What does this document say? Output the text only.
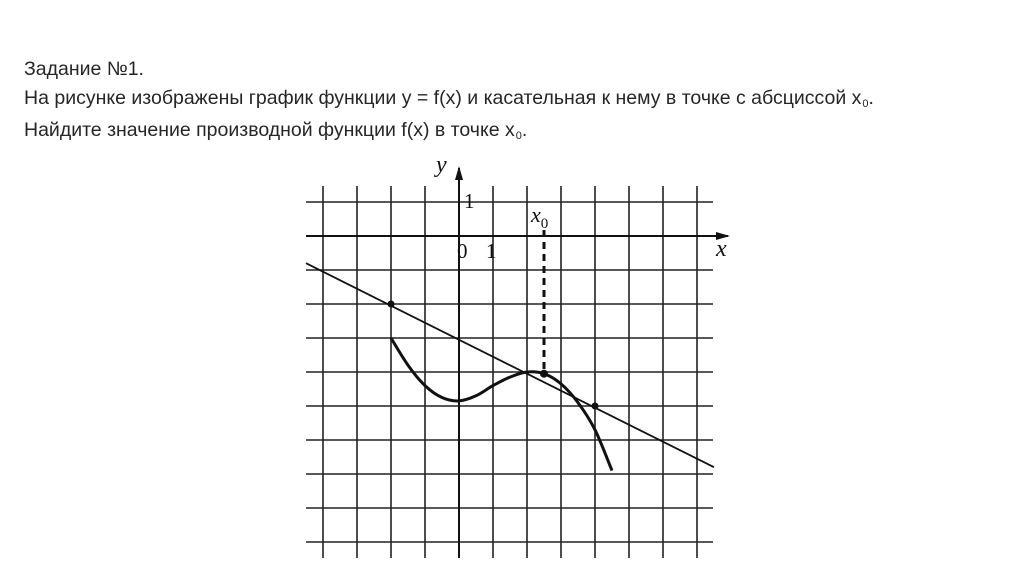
Задание №1.
На рисунке изображены график функции y = f(x) и касательная к нему в точке с абсциссой x0.
Найдите значение производной функции f(x) в точке x0.
y
x
0 1
1
$x_0$
